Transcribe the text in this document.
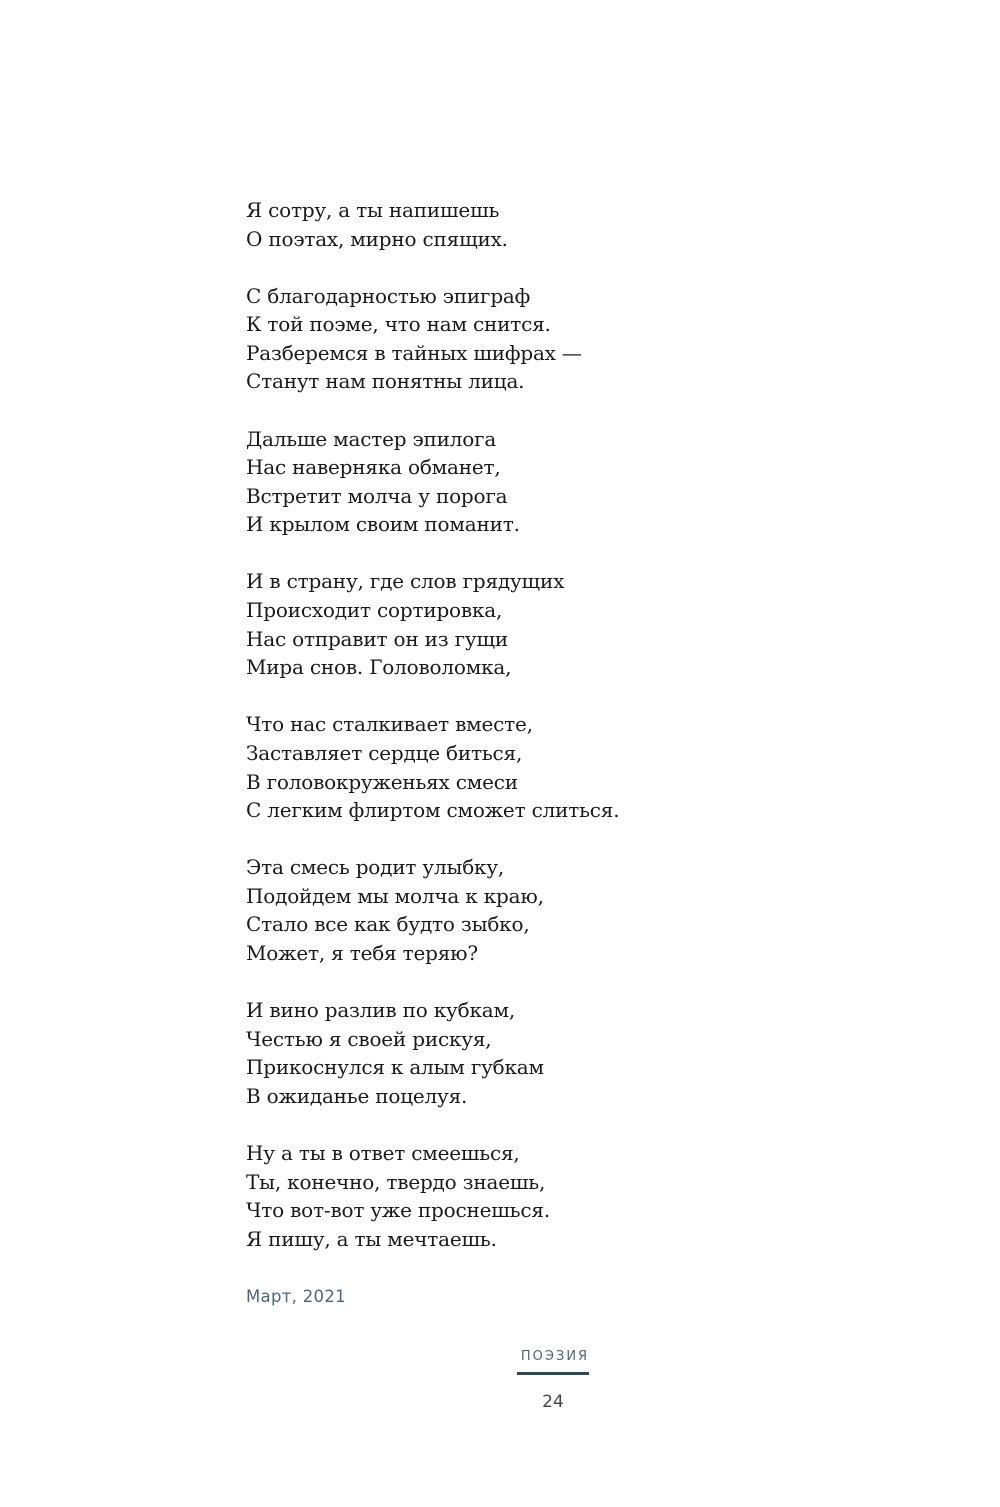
Я сотру, а ты напишешь
О поэтах, мирно спящих.
С благодарностью эпиграф
К той поэме, что нам снится.
Разберемся в тайных шифрах —
Станут нам понятны лица.
Дальше мастер эпилога
Нас наверняка обманет,
Встретит молча у порога
И крылом своим поманит.
И в страну, где слов грядущих
Происходит сортировка,
Нас отправит он из гущи
Мира снов. Головоломка,
Что нас сталкивает вместе,
Заставляет сердце биться,
В головокруженьях смеси
С легким флиртом сможет слиться.
Эта смесь родит улыбку,
Подойдем мы молча к краю,
Стало все как будто зыбко,
Может, я тебя теряю?
И вино разлив по кубкам,
Честью я своей рискуя,
Прикоснулся к алым губкам
В ожиданье поцелуя.
Ну а ты в ответ смеешься,
Ты, конечно, твердо знаешь,
Что вот-вот уже проснешься.
Я пишу, а ты мечтаешь.
Март, 2021
ПОЭЗИЯ
24
